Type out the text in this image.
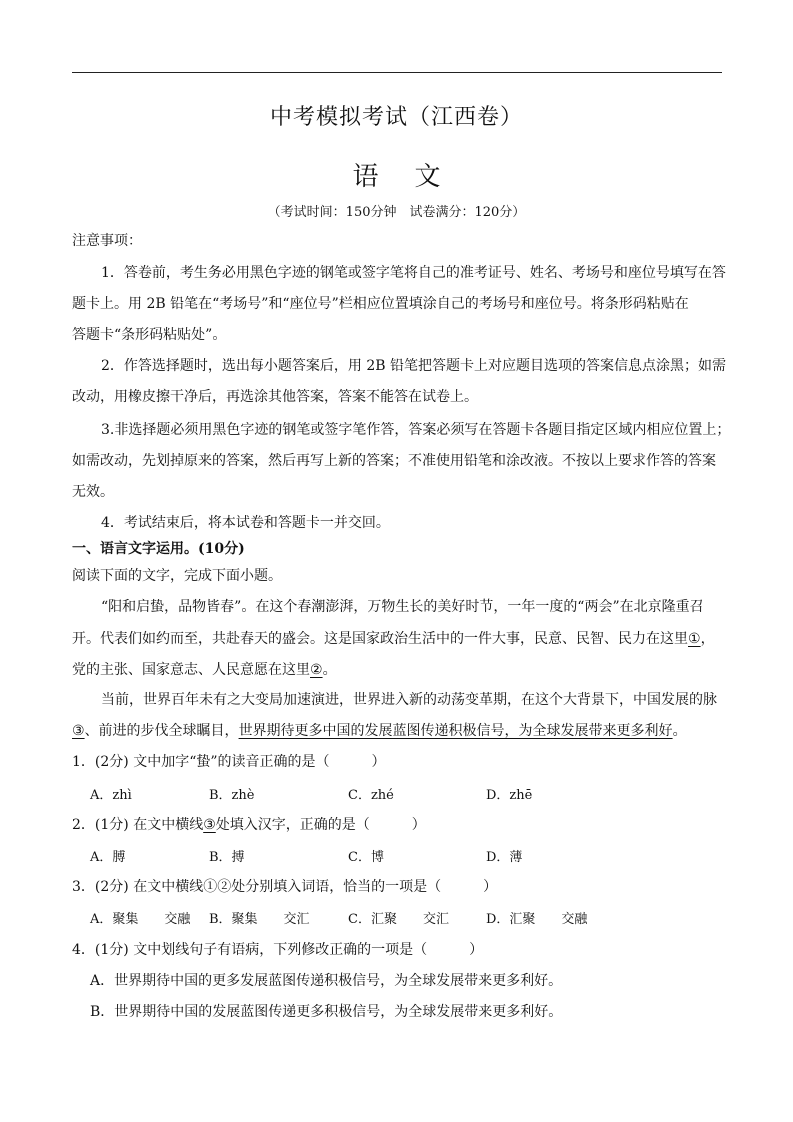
中考模拟考试（江西卷）
语文
（考试时间：150分钟　试卷满分：120分）
注意事项：
1．答卷前，考生务必用黑色字迹的钢笔或签字笔将自己的准考证号、姓名、考场号和座位号填写在答
题卡上。用 2B 铅笔在“考场号”和“座位号”栏相应位置填涂自己的考场号和座位号。将条形码粘贴在
答题卡“条形码粘贴处”。
2．作答选择题时，选出每小题答案后，用 2B 铅笔把答题卡上对应题目选项的答案信息点涂黑；如需
改动，用橡皮擦干净后，再选涂其他答案，答案不能答在试卷上。
3.非选择题必须用黑色字迹的钢笔或签字笔作答，答案必须写在答题卡各题目指定区域内相应位置上；
如需改动，先划掉原来的答案，然后再写上新的答案；不准使用铅笔和涂改液。不按以上要求作答的答案
无效。
4．考试结束后，将本试卷和答题卡一并交回。
一、语言文字运用。(10分)
阅读下面的文字，完成下面小题。
“阳和启蛰，品物皆春”。在这个春潮澎湃，万物生长的美好时节，一年一度的“两会”在北京隆重召
开。代表们如约而至，共赴春天的盛会。这是国家政治生活中的一件大事，民意、民智、民力在这里①，
党的主张、国家意志、人民意愿在这里②。
当前，世界百年未有之大变局加速演进，世界进入新的动荡变革期，在这个大背景下，中国发展的脉
③、前进的步伐全球瞩目，世界期待更多中国的发展蓝图传递积极信号，为全球发展带来更多利好。
1．(2分) 文中加字“蛰”的读音正确的是（　　　）
A．zhì	B．zhè	C．zhé	D．zhē
2．(1分) 在文中横线③处填入汉字，正确的是（　　　）
A．膊	B．搏	C．博	D．薄
3．(2分) 在文中横线①②处分别填入词语，恰当的一项是（　　　）
A．聚集　　交融 B．聚集　　交汇	C．汇聚　　交汇	D．汇聚　　交融
4．(1分) 文中划线句子有语病，下列修改正确的一项是（　　　）
A．世界期待中国的更多发展蓝图传递积极信号，为全球发展带来更多利好。
B．世界期待中国的发展蓝图传递更多积极信号，为全球发展带来更多利好。
